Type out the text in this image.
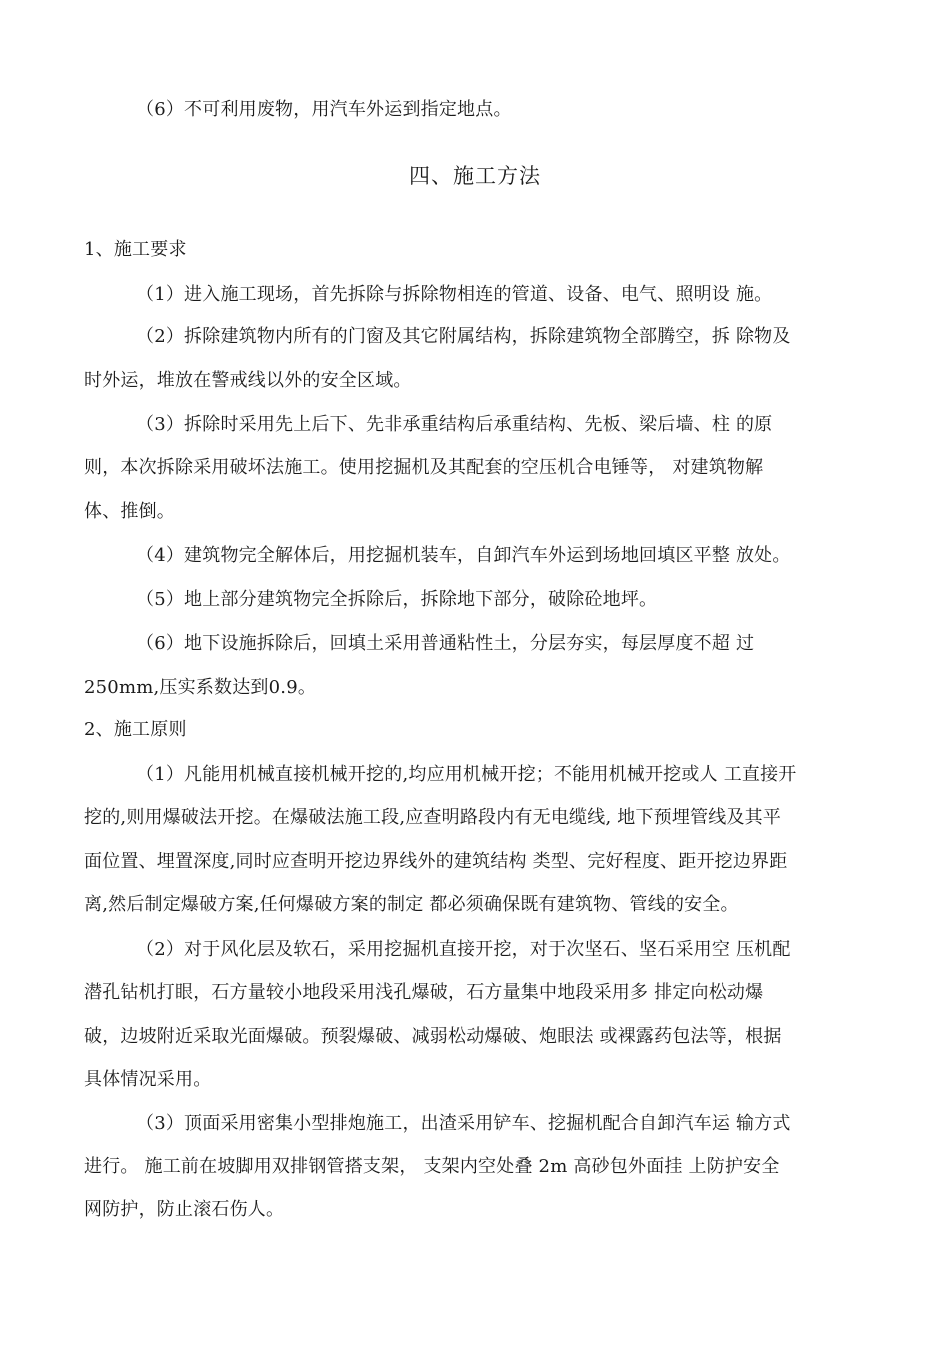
（6）不可利用废物，用汽车外运到指定地点。
四、施工方法
1、施工要求
（1）进入施工现场，首先拆除与拆除物相连的管道、设备、电气、照明设 施。
（2）拆除建筑物内所有的门窗及其它附属结构，拆除建筑物全部腾空，拆 除物及
时外运，堆放在警戒线以外的安全区域。
（3）拆除时采用先上后下、先非承重结构后承重结构、先板、梁后墙、柱 的原
则，本次拆除采用破坏法施工。使用挖掘机及其配套的空压机合电锤等， 对建筑物解
体、推倒。
（4）建筑物完全解体后，用挖掘机装车，自卸汽车外运到场地回填区平整 放处。
（5）地上部分建筑物完全拆除后，拆除地下部分，破除砼地坪。
（6）地下设施拆除后，回填土采用普通粘性土，分层夯实，每层厚度不超 过
250mm,压实系数达到0.9。
2、施工原则
（1）凡能用机械直接机械开挖的,均应用机械开挖；不能用机械开挖或人 工直接开
挖的,则用爆破法开挖。在爆破法施工段,应查明路段内有无电缆线, 地下预埋管线及其平
面位置、埋置深度,同时应查明开挖边界线外的建筑结构 类型、完好程度、距开挖边界距
离,然后制定爆破方案,任何爆破方案的制定 都必须确保既有建筑物、管线的安全。
（2）对于风化层及软石，采用挖掘机直接开挖，对于次坚石、坚石采用空 压机配
潜孔钻机打眼，石方量较小地段采用浅孔爆破，石方量集中地段采用多 排定向松动爆
破，边坡附近采取光面爆破。预裂爆破、减弱松动爆破、炮眼法 或裸露药包法等，根据
具体情况采用。
（3）顶面采用密集小型排炮施工，出渣采用铲车、挖掘机配合自卸汽车运 输方式
进行。 施工前在坡脚用双排钢管搭支架， 支架内空处叠 2m 高砂包外面挂 上防护安全
网防护，防止滚石伤人。
